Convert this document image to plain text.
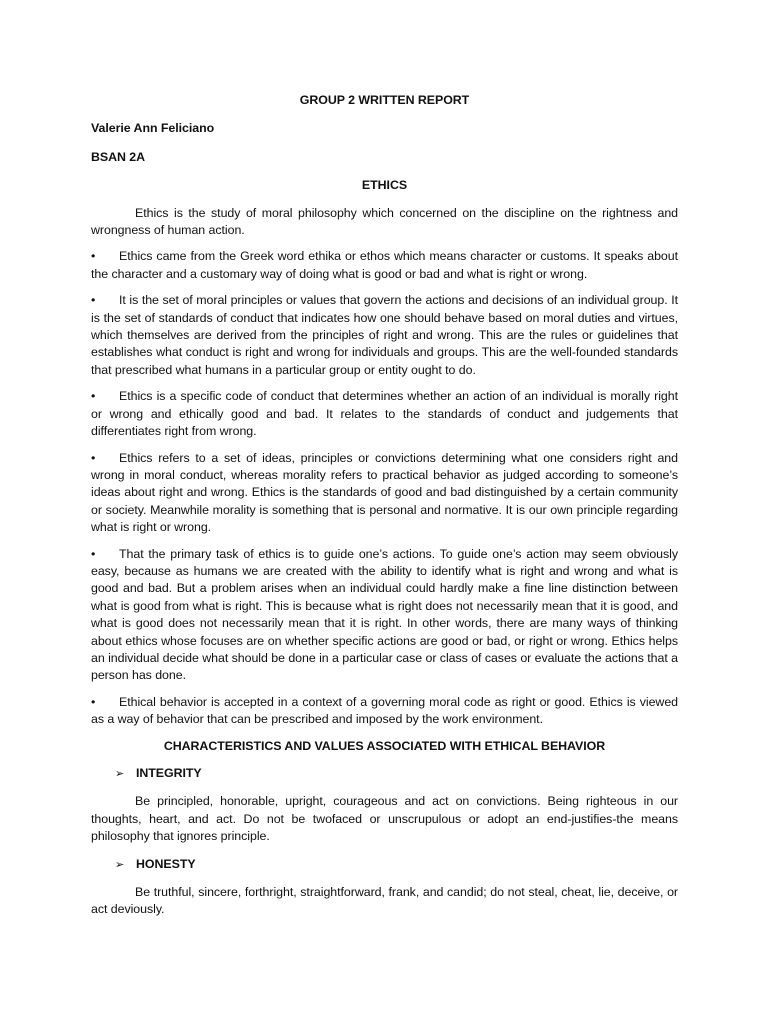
GROUP 2 WRITTEN REPORT

Valerie Ann Feliciano

BSAN 2A

ETHICS

Ethics is the study of moral philosophy which concerned on the discipline on the rightness and wrongness of human action.

• Ethics came from the Greek word ethika or ethos which means character or customs. It speaks about the character and a customary way of doing what is good or bad and what is right or wrong.

• It is the set of moral principles or values that govern the actions and decisions of an individual group. It is the set of standards of conduct that indicates how one should behave based on moral duties and virtues, which themselves are derived from the principles of right and wrong. This are the rules or guidelines that establishes what conduct is right and wrong for individuals and groups. This are the well-founded standards that prescribed what humans in a particular group or entity ought to do.

• Ethics is a specific code of conduct that determines whether an action of an individual is morally right or wrong and ethically good and bad. It relates to the standards of conduct and judgements that differentiates right from wrong.

• Ethics refers to a set of ideas, principles or convictions determining what one considers right and wrong in moral conduct, whereas morality refers to practical behavior as judged according to someone’s ideas about right and wrong. Ethics is the standards of good and bad distinguished by a certain community or society. Meanwhile morality is something that is personal and normative. It is our own principle regarding what is right or wrong.

• That the primary task of ethics is to guide one’s actions. To guide one’s action may seem obviously easy, because as humans we are created with the ability to identify what is right and wrong and what is good and bad. But a problem arises when an individual could hardly make a fine line distinction between what is good from what is right. This is because what is right does not necessarily mean that it is good, and what is good does not necessarily mean that it is right. In other words, there are many ways of thinking about ethics whose focuses are on whether specific actions are good or bad, or right or wrong. Ethics helps an individual decide what should be done in a particular case or class of cases or evaluate the actions that a person has done.

• Ethical behavior is accepted in a context of a governing moral code as right or good. Ethics is viewed as a way of behavior that can be prescribed and imposed by the work environment.

CHARACTERISTICS AND VALUES ASSOCIATED WITH ETHICAL BEHAVIOR

➢ INTEGRITY

Be principled, honorable, upright, courageous and act on convictions. Being righteous in our thoughts, heart, and act. Do not be twofaced or unscrupulous or adopt an end-justifies-the means philosophy that ignores principle.

➢ HONESTY

Be truthful, sincere, forthright, straightforward, frank, and candid; do not steal, cheat, lie, deceive, or act deviously.
